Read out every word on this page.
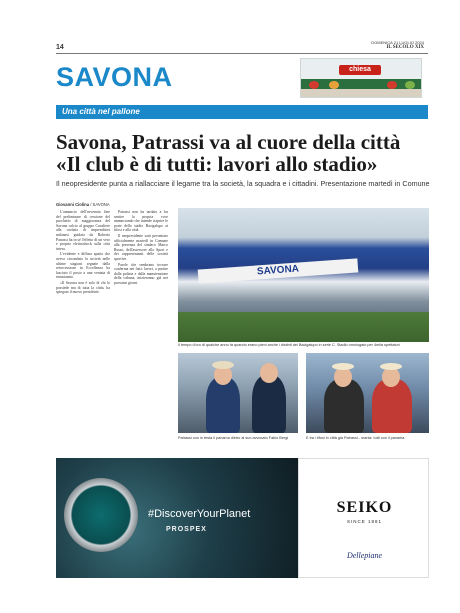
14
DOMENICA 21 LUGLIO 2024
IL SECOLO XIX
SAVONA	chiesa
Una città nel pallone
Savona, Patrassi va al cuore della città
«Il club è di tutti: lavori allo stadio»
Il neopresidente punta a riallacciare il legame tra la società, la squadra e i cittadini. Presentazione martedì in Comune
Giovanni Ciolina / SAVONA

L'annuncio dell'avvenuta fine del preliminare di cessione del pacchetto di maggioranza del Savona calcio al gruppo Cavaliere alla cordata di imprenditori milanesi guidata da Roberto Patrassi ha in sé l'effetto di un vero e proprio elettroshock sulla città intera.

L'evidente e diffusa apatia che aveva circondato la società nelle ultime stagioni segnate dalla retrocessione in Eccellenza ha lasciato il posto a una ventata di entusiasmo.

«Il Savona non è solo di chi lo possiede ma di tutta la città» ha spiegato il nuovo presidente.

Patrassi non ha tardato a far sentire la propria voce annunciando che intende riaprire le porte dello stadio Bacigalupo ai tifosi e alla città.

Il neopresidente sarà presentato ufficialmente martedì in Comune alla presenza del sindaco Marco Russo, dell'assessore allo Sport e dei rappresentanti delle società sportive.

Parole che sembrano trovare conferma nei fatti: lavori, a partire dalla pulizia e dalla manutenzione della tribuna, inizieranno già nei prossimi giorni.

SAVONA
Il tempo d'oro di qualche anno fa quando erano pieni anche i distinti del Bacigalupo in serie C. Stadio omologato per 4mila spettatori

Patrassi con in testa il panama dietro al suo avvocato Fabio Bergi	E tra i tifosi in città già Patrassi - mania: tutti con il panama

#DiscoverYourPlanet
PROSPEX
SEIKO
SINCE 1881
Dellepiane
